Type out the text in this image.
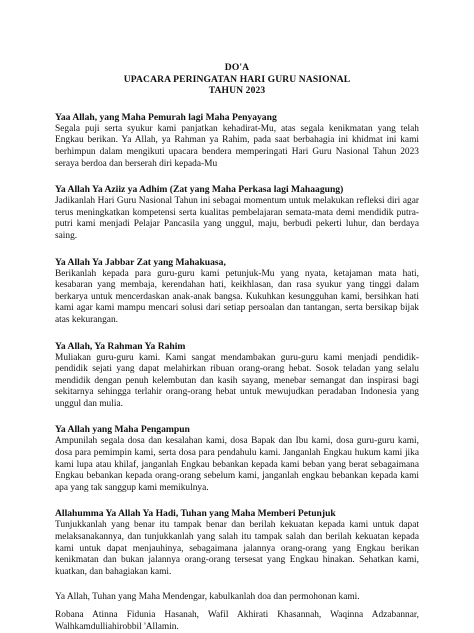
DO'A
UPACARA PERINGATAN HARI GURU NASIONAL
TAHUN 2023
Yaa Allah, yang Maha Pemurah lagi Maha Penyayang
Segala puji serta syukur kami panjatkan kehadirat-Mu, atas segala kenikmatan yang telah Engkau berikan. Ya Allah, ya Rahman ya Rahim, pada saat berbahagia ini khidmat ini kami berhimpun dalam mengikuti upacara bendera memperingati Hari Guru Nasional Tahun 2023 seraya berdoa dan berserah diri kepada-Mu
Ya Allah Ya Aziiz ya Adhim (Zat yang Maha Perkasa lagi Mahaagung)
Jadikanlah Hari Guru Nasional Tahun ini sebagai momentum untuk melakukan refleksi diri agar terus meningkatkan kompetensi serta kualitas pembelajaran semata-mata demi mendidik putra-putri kami menjadi Pelajar Pancasila yang unggul, maju, berbudi pekerti luhur, dan berdaya saing.
Ya Allah Ya Jabbar Zat yang Mahakuasa,
Berikanlah kepada para guru-guru kami petunjuk-Mu yang nyata, ketajaman mata hati, kesabaran yang membaja, kerendahan hati, keikhlasan, dan rasa syukur yang tinggi dalam berkarya untuk mencerdaskan anak-anak bangsa. Kukuhkan kesungguhan kami, bersihkan hati kami agar kami mampu mencari solusi dari setiap persoalan dan tantangan, serta bersikap bijak atas kekurangan.
Ya Allah, Ya Rahman Ya Rahim
Muliakan guru-guru kami. Kami sangat mendambakan guru-guru kami menjadi pendidik-pendidik sejati yang dapat melahirkan ribuan orang-orang hebat. Sosok teladan yang selalu mendidik dengan penuh kelembutan dan kasih sayang, menebar semangat dan inspirasi bagi sekitarnya sehingga terlahir orang-orang hebat untuk mewujudkan peradaban Indonesia yang unggul dan mulia.
Ya Allah yang Maha Pengampun
Ampunilah segala dosa dan kesalahan kami, dosa Bapak dan Ibu kami, dosa guru-guru kami, dosa para pemimpin kami, serta dosa para pendahulu kami. Janganlah Engkau hukum kami jika kami lupa atau khilaf, janganlah Engkau bebankan kepada kami beban yang berat sebagaimana Engkau bebankan kepada orang-orang sebelum kami, janganlah engkau bebankan kepada kami apa yang tak sanggup kami memikulnya.
Allahumma Ya Allah Ya Hadi, Tuhan yang Maha Memberi Petunjuk
Tunjukkanlah yang benar itu tampak benar dan berilah kekuatan kepada kami untuk dapat melaksanakannya, dan tunjukkanlah yang salah itu tampak salah dan berilah kekuatan kepada kami untuk dapat menjauhinya, sebagaimana jalannya orang-orang yang Engkau berikan kenikmatan dan bukan jalannya orang-orang tersesat yang Engkau hinakan. Sehatkan kami, kuatkan, dan bahagiakan kami.
Ya Allah, Tuhan yang Maha Mendengar, kabulkanlah doa dan permohonan kami.
Robana Atinna Fidunia Hasanah, Wafil Akhirati Khasannah, Waqinna Adzabannar, Walhkamdulliahirobbil 'Allamin.
